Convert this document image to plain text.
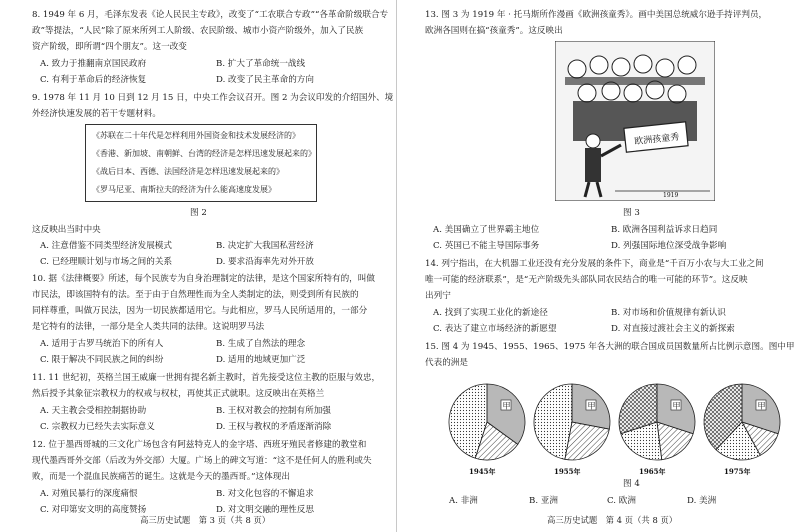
8. 1949 年 6 月，毛泽东发表《论人民民主专政》，改变了“工农联合专政”“各革命阶级联合专
政”等提法，“人民”除了原来所列工人阶级、农民阶级、城市小资产阶级外，加入了民族
资产阶级，即所谓“四个朋友”。这一改变
A. 致力于推翻南京国民政府	B. 扩大了革命统一战线
C. 有利于革命后的经济恢复	D. 改变了民主革命的方向
9. 1978 年 11 月 10 日到 12 月 15 日，中央工作会议召开。图 2 为会议印发的介绍国外、境
外经济快速发展的若干专题材料。
《苏联在二十年代是怎样利用外国资金和技术发展经济的》
《香港、新加坡、南朝鲜、台湾的经济是怎样迅速发展起来的》
《战后日本、西德、法国经济是怎样迅速发展起来的》
《罗马尼亚、南斯拉夫的经济为什么能高速度发展》
图 2
这反映出当时中央
A. 注意借鉴不同类型经济发展模式	B. 决定扩大我国私营经济
C. 已经理顺计划与市场之间的关系	D. 要求沿海率先对外开放
10. 据《法律概要》所述，每个民族专为自身治理制定的法律，是这个国家所特有的，叫做
市民法，即该国特有的法。至于由于自然理性而为全人类制定的法，则受到所有民族的
同样尊重，叫做万民法，因为一切民族都适用它。与此相应，罗马人民所适用的，一部分
是它特有的法律，一部分是全人类共同的法律。这说明罗马法
A. 适用于古罗马统治下的所有人	B. 生成了自然法的理念
C. 限于解决不同民族之间的纠纷	D. 适用的地域更加广泛
11. 11 世纪初，英格兰国王威廉一世拥有提名新主教时，首先接受这位主教的臣服与效忠，
然后授予其象征宗教权力的权戒与权杖，再使其正式就职。这反映出在英格兰
A. 天主教会受相控制据协助	B. 王权对教会的控制有所加强
C. 宗教权力已经失去实际意义	D. 王权与教权的矛盾逐渐消除
12. 位于墨西哥城的三文化广场包含有阿兹特克人的金字塔、西班牙殖民者修建的教堂和
现代墨西哥外交部（后改为外交部）大厦。广场上的碑文写道：“这不是任何人的胜利或失
败，而是一个混血民族痛苦的诞生。这就是今天的墨西哥。”这体现出
A. 对殖民暴行的深度痛恨	B. 对文化包容的不懈追求
C. 对印第安文明的高度赞扬	D. 对文明交融的理性反思
高三历史试题　第 3 页（共 8 页）
13. 图 3 为 1919 年 · 托马斯所作漫画《欧洲孩童秀》。画中美国总统威尔逊手持评判员，
欧洲各国则在搞“孩童秀”。这反映出
欧洲孩童秀
1919
图 3
A. 美国确立了世界霸主地位	B. 欧洲各国利益诉求日趋同
C. 英国已不能主导国际事务	D. 列强国际地位深受战争影响
14. 列宁指出，在大机器工业还没有充分发展的条件下，商业是“千百万小农与大工业之间
唯一可能的经济联系”，是“无产阶级先头部队同农民结合的唯一可能的环节”。这反映
出列宁
A. 找到了实现工业化的新途径	B. 对市场和价值规律有新认识
C. 表达了建立市场经济的新愿望	D. 对直接过渡社会主义的新探索
15. 图 4 为 1945、1955、1965、1975 年各大洲的联合国成员国数量所占比例示意图。图中甲
代表的洲是
甲
1945年
甲
1955年
甲
1965年
甲
1975年
图 4
A. 非洲	B. 亚洲	C. 欧洲	D. 美洲
高三历史试题　第 4 页（共 8 页）
